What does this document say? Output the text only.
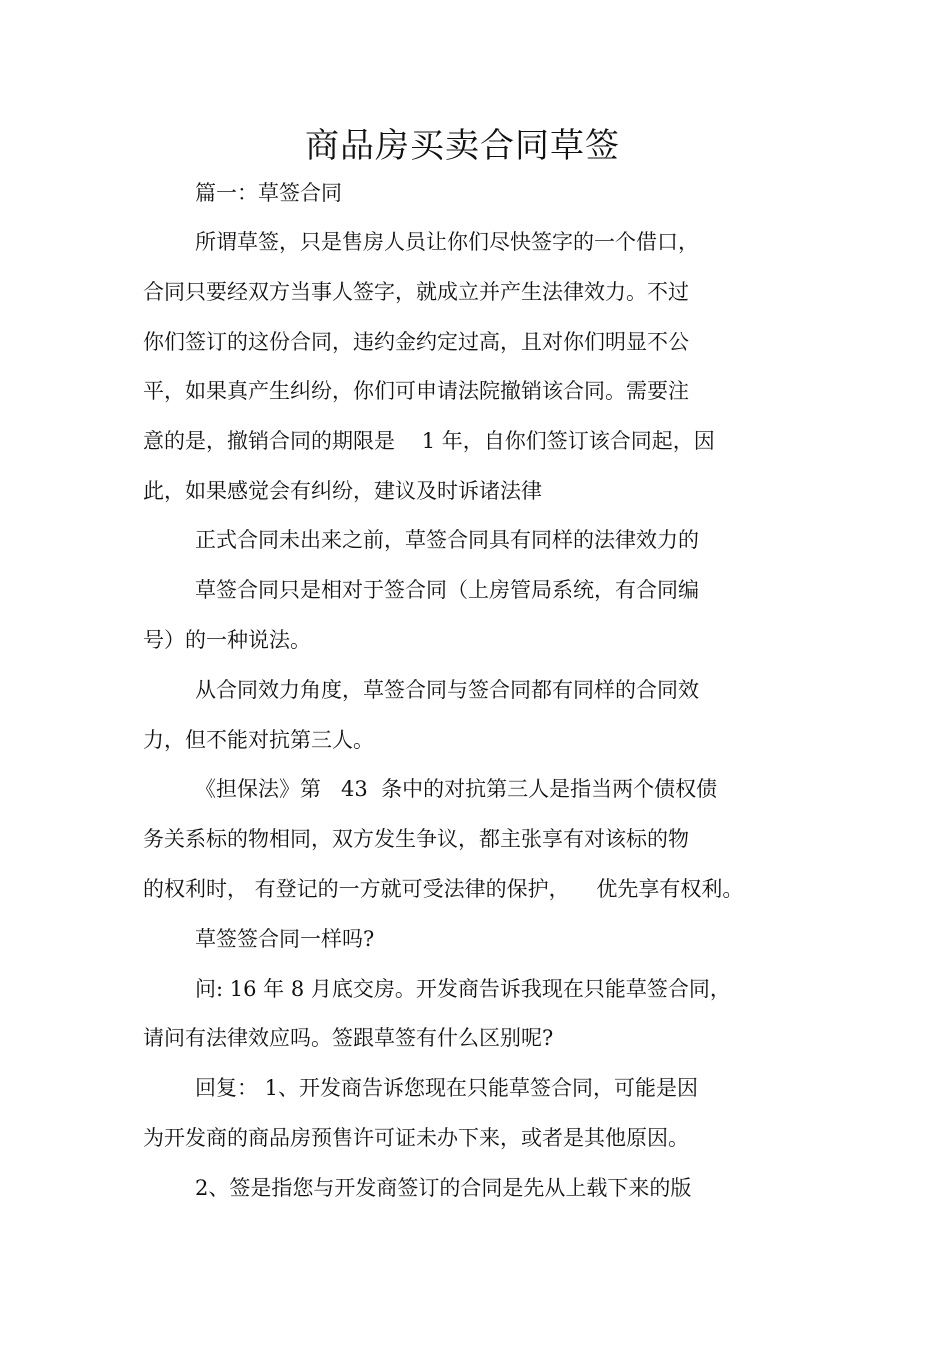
商品房买卖合同草签
篇一：草签合同
所谓草签，只是售房人员让你们尽快签字的一个借口，
合同只要经双方当事人签字，就成立并产生法律效力。不过
你们签订的这份合同，违约金约定过高，且对你们明显不公
平，如果真产生纠纷，你们可申请法院撤销该合同。需要注
意的是，撤销合同的期限是    1 年，自你们签订该合同起，因
此，如果感觉会有纠纷，建议及时诉诸法律
正式合同未出来之前，草签合同具有同样的法律效力的
草签合同只是相对于签合同（上房管局系统，有合同编
号）的一种说法。
从合同效力角度，草签合同与签合同都有同样的合同效
力，但不能对抗第三人。
《担保法》第   43  条中的对抗第三人是指当两个债权债
务关系标的物相同，双方发生争议，都主张享有对该标的物
的权利时， 有登记的一方就可受法律的保护，    优先享有权利。
草签签合同一样吗?
问: 16 年 8 月底交房。开发商告诉我现在只能草签合同，
请问有法律效应吗。签跟草签有什么区别呢?
回复： 1、开发商告诉您现在只能草签合同，可能是因
为开发商的商品房预售许可证未办下来，或者是其他原因。
2、签是指您与开发商签订的合同是先从上载下来的版
